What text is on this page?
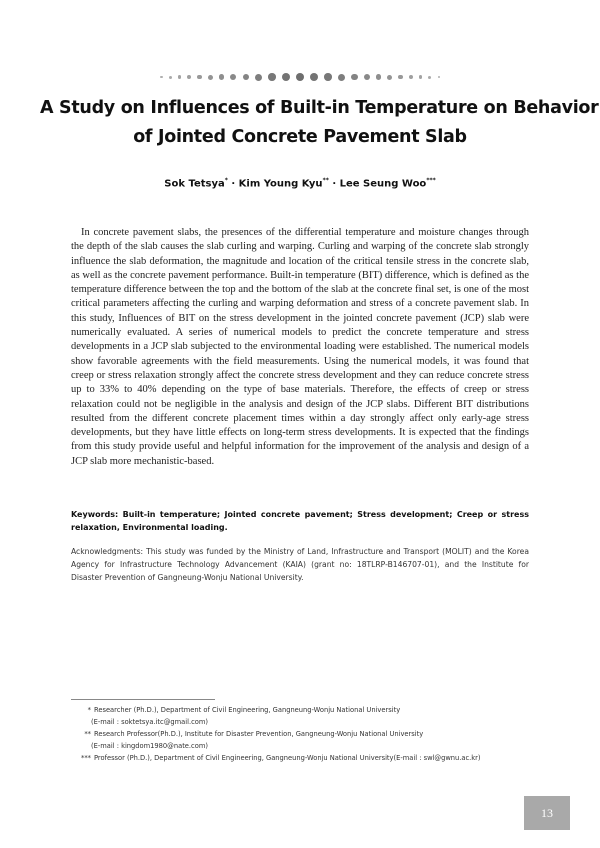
A Study on Influences of Built-in Temperature on Behavior
of Jointed Concrete Pavement Slab
Sok Tetsya* · Kim Young Kyu** · Lee Seung Woo***

In concrete pavement slabs, the presences of the differential temperature and moisture changes through the depth of the slab causes the slab curling and warping. Curling and warping of the concrete slab strongly influence the slab deformation, the magnitude and location of the critical tensile stress in the concrete slab, as well as the concrete pavement performance. Built-in temperature (BIT) difference, which is defined as the temperature difference between the top and the bottom of the slab at the concrete final set, is one of the most critical parameters affecting the curling and warping deformation and stress of a concrete pavement slab. In this study, Influences of BIT on the stress development in the jointed concrete pavement (JCP) slab were numerically evaluated. A series of numerical models to predict the concrete temperature and stress developments in a JCP slab subjected to the environmental loading were established. The numerical models show favorable agreements with the field measurements. Using the numerical models, it was found that creep or stress relaxation strongly affect the concrete stress development and they can reduce concrete stress up to 33% to 40% depending on the type of base materials. Therefore, the effects of creep or stress relaxation could not be negligible in the analysis and design of the JCP slabs. Different BIT distributions resulted from the different concrete placement times within a day strongly affect only early-age stress developments, but they have little effects on long-term stress developments. It is expected that the findings from this study provide useful and helpful information for the improvement of the analysis and design of a JCP slab more mechanistic-based.

Keywords: Built-in temperature; Jointed concrete pavement; Stress development; Creep or stress relaxation, Environmental loading.

Acknowledgments: This study was funded by the Ministry of Land, Infrastructure and Transport (MOLIT) and the Korea Agency for Infrastructure Technology Advancement (KAIA) (grant no: 18TLRP-B146707-01), and the Institute for Disaster Prevention of Gangneung-Wonju National University.

* Researcher (Ph.D.), Department of Civil Engineering, Gangneung-Wonju National University
(E-mail : soktetsya.itc@gmail.com)
** Research Professor(Ph.D.), Institute for Disaster Prevention, Gangneung-Wonju National University
(E-mail : kingdom1980@nate.com)
*** Professor (Ph.D.), Department of Civil Engineering, Gangneung-Wonju National University(E-mail : swl@gwnu.ac.kr)
13
